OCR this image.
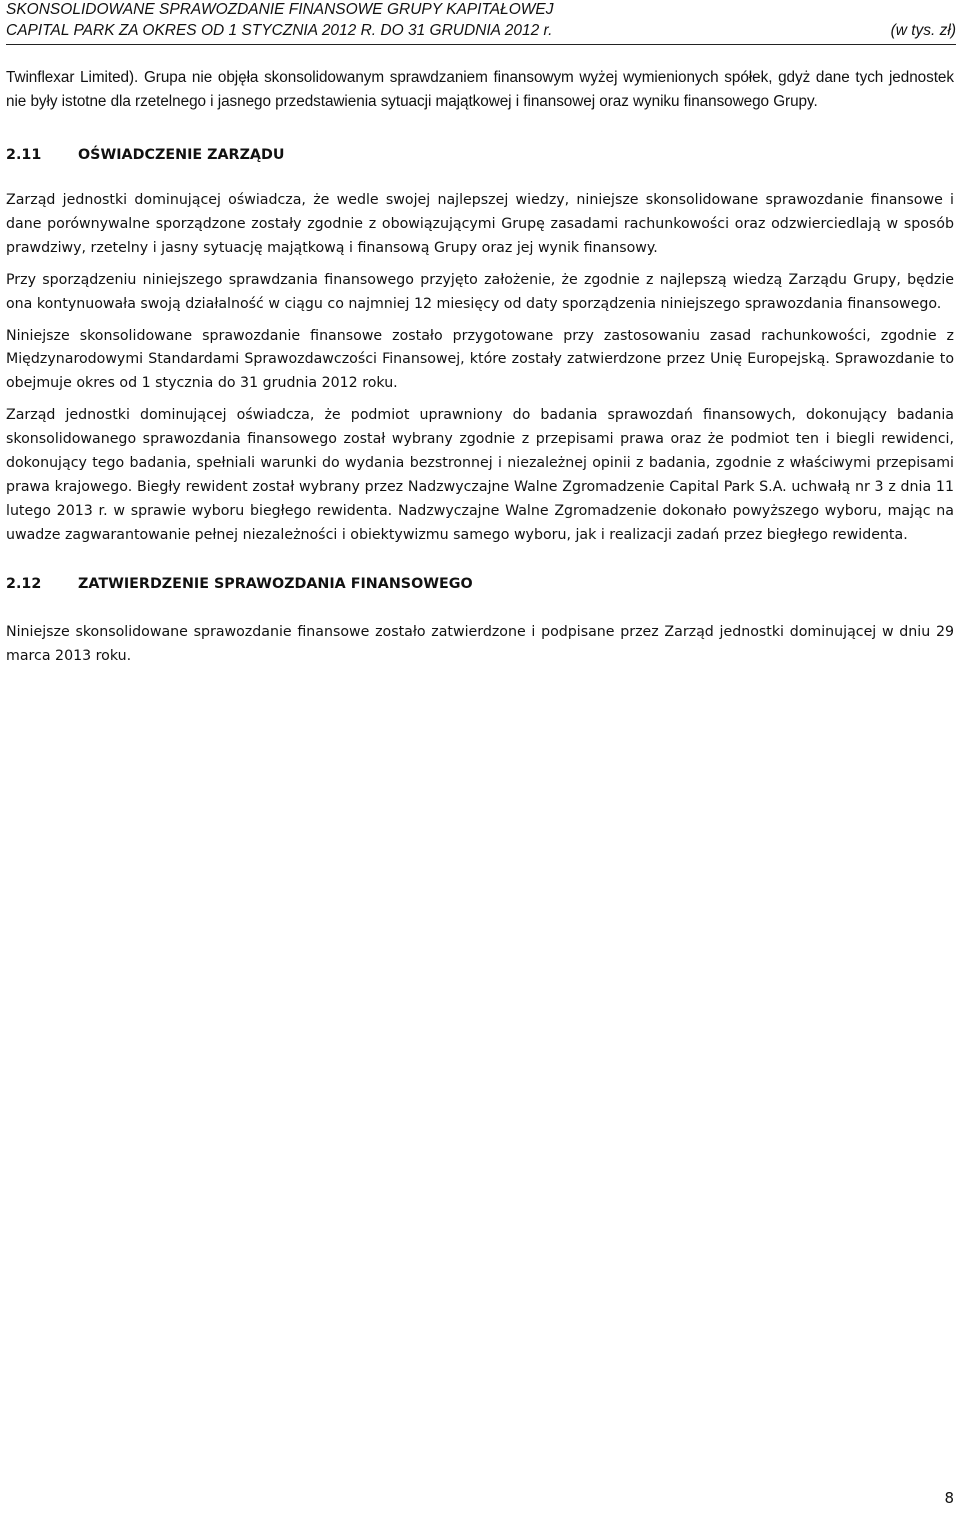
SKONSOLIDOWANE SPRAWOZDANIE FINANSOWE GRUPY KAPITAŁOWEJ
CAPITAL PARK ZA OKRES OD 1 STYCZNIA 2012 R. DO 31 GRUDNIA 2012 r.	(w tys. zł)

Twinflexar Limited). Grupa nie objęła skonsolidowanym sprawdzaniem finansowym wyżej wymienionych spółek, gdyż dane tych jednostek nie były istotne dla rzetelnego i jasnego przedstawienia sytuacji majątkowej i finansowej oraz wyniku finansowego Grupy.

2.11	OŚWIADCZENIE ZARZĄDU

Zarząd jednostki dominującej oświadcza, że wedle swojej najlepszej wiedzy, niniejsze skonsolidowane sprawozdanie finansowe i dane porównywalne sporządzone zostały zgodnie z obowiązującymi Grupę zasadami rachunkowości oraz odzwierciedlają w sposób prawdziwy, rzetelny i jasny sytuację majątkową i finansową Grupy oraz jej wynik finansowy.

Przy sporządzeniu niniejszego sprawdzania finansowego przyjęto założenie, że zgodnie z najlepszą wiedzą Zarządu Grupy, będzie ona kontynuowała swoją działalność w ciągu co najmniej 12 miesięcy od daty sporządzenia niniejszego sprawozdania finansowego.

Niniejsze skonsolidowane sprawozdanie finansowe zostało przygotowane przy zastosowaniu zasad rachunkowości, zgodnie z Międzynarodowymi Standardami Sprawozdawczości Finansowej, które zostały zatwierdzone przez Unię Europejską. Sprawozdanie to obejmuje okres od 1 stycznia do 31 grudnia 2012 roku.

Zarząd jednostki dominującej oświadcza, że podmiot uprawniony do badania sprawozdań finansowych, dokonujący badania skonsolidowanego sprawozdania finansowego został wybrany zgodnie z przepisami prawa oraz że podmiot ten i biegli rewidenci, dokonujący tego badania, spełniali warunki do wydania bezstronnej i niezależnej opinii z badania, zgodnie z właściwymi przepisami prawa krajowego. Biegły rewident został wybrany przez Nadzwyczajne Walne Zgromadzenie Capital Park S.A. uchwałą nr 3 z dnia 11 lutego 2013 r. w sprawie wyboru biegłego rewidenta. Nadzwyczajne Walne Zgromadzenie dokonało powyższego wyboru, mając na uwadze zagwarantowanie pełnej niezależności i obiektywizmu samego wyboru, jak i realizacji zadań przez biegłego rewidenta.

2.12	ZATWIERDZENIE SPRAWOZDANIA FINANSOWEGO

Niniejsze skonsolidowane sprawozdanie finansowe zostało zatwierdzone i podpisane przez Zarząd jednostki dominującej w dniu 29 marca 2013 roku.

8
